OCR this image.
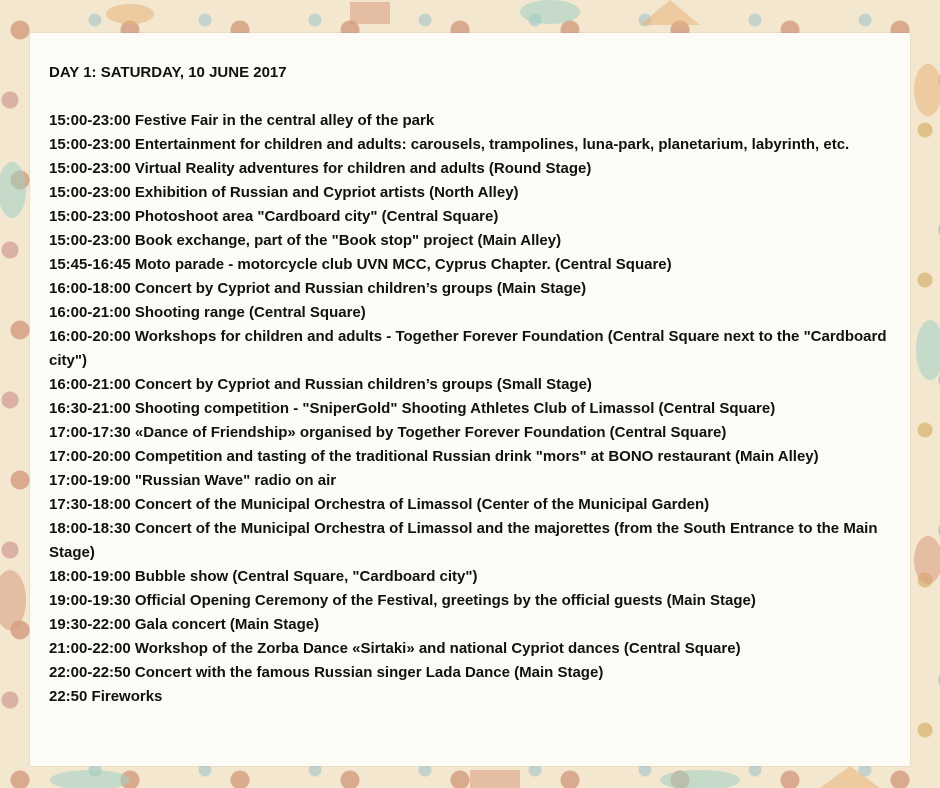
DAY 1: SATURDAY, 10 JUNE 2017
15:00-23:00 Festive Fair in the central alley of the park
15:00-23:00 Entertainment for children and adults: carousels, trampolines, luna-park, planetarium, labyrinth, etc.
15:00-23:00 Virtual Reality adventures for children and adults (Round Stage)
15:00-23:00 Exhibition of Russian and Cypriot artists (North Alley)
15:00-23:00 Photoshoot area "Cardboard city" (Central Square)
15:00-23:00 Book exchange, part of the "Book stop" project (Main Alley)
15:45-16:45 Moto parade - motorcycle club UVN MCC, Cyprus Chapter. (Central Square)
16:00-18:00 Concert by Cypriot and Russian children’s groups (Main Stage)
16:00-21:00 Shooting range (Central Square)
16:00-20:00 Workshops for children and adults - Together Forever Foundation (Central Square next to the "Cardboard city")
16:00-21:00 Concert by Cypriot and Russian children’s groups (Small Stage)
16:30-21:00 Shooting competition - "SniperGold" Shooting Athletes Club of Limassol (Central Square)
17:00-17:30 «Dance of Friendship» organised by Together Forever Foundation (Central Square)
17:00-20:00 Competition and tasting of the traditional Russian drink "mors" at BONO restaurant (Main Alley)
17:00-19:00 "Russian Wave" radio on air
17:30-18:00 Concert of the Municipal Orchestra of Limassol (Center of the Municipal Garden)
18:00-18:30 Concert of the Municipal Orchestra of Limassol and the majorettes (from the South Entrance to the Main Stage)
18:00-19:00 Bubble show (Central Square, "Cardboard city")
19:00-19:30 Official Opening Ceremony of the Festival, greetings by the official guests (Main Stage)
19:30-22:00 Gala concert (Main Stage)
21:00-22:00 Workshop of the Zorba Dance «Sirtaki» and national Cypriot dances (Central Square)
22:00-22:50 Concert with the famous Russian singer Lada Dance (Main Stage)
22:50 Fireworks
